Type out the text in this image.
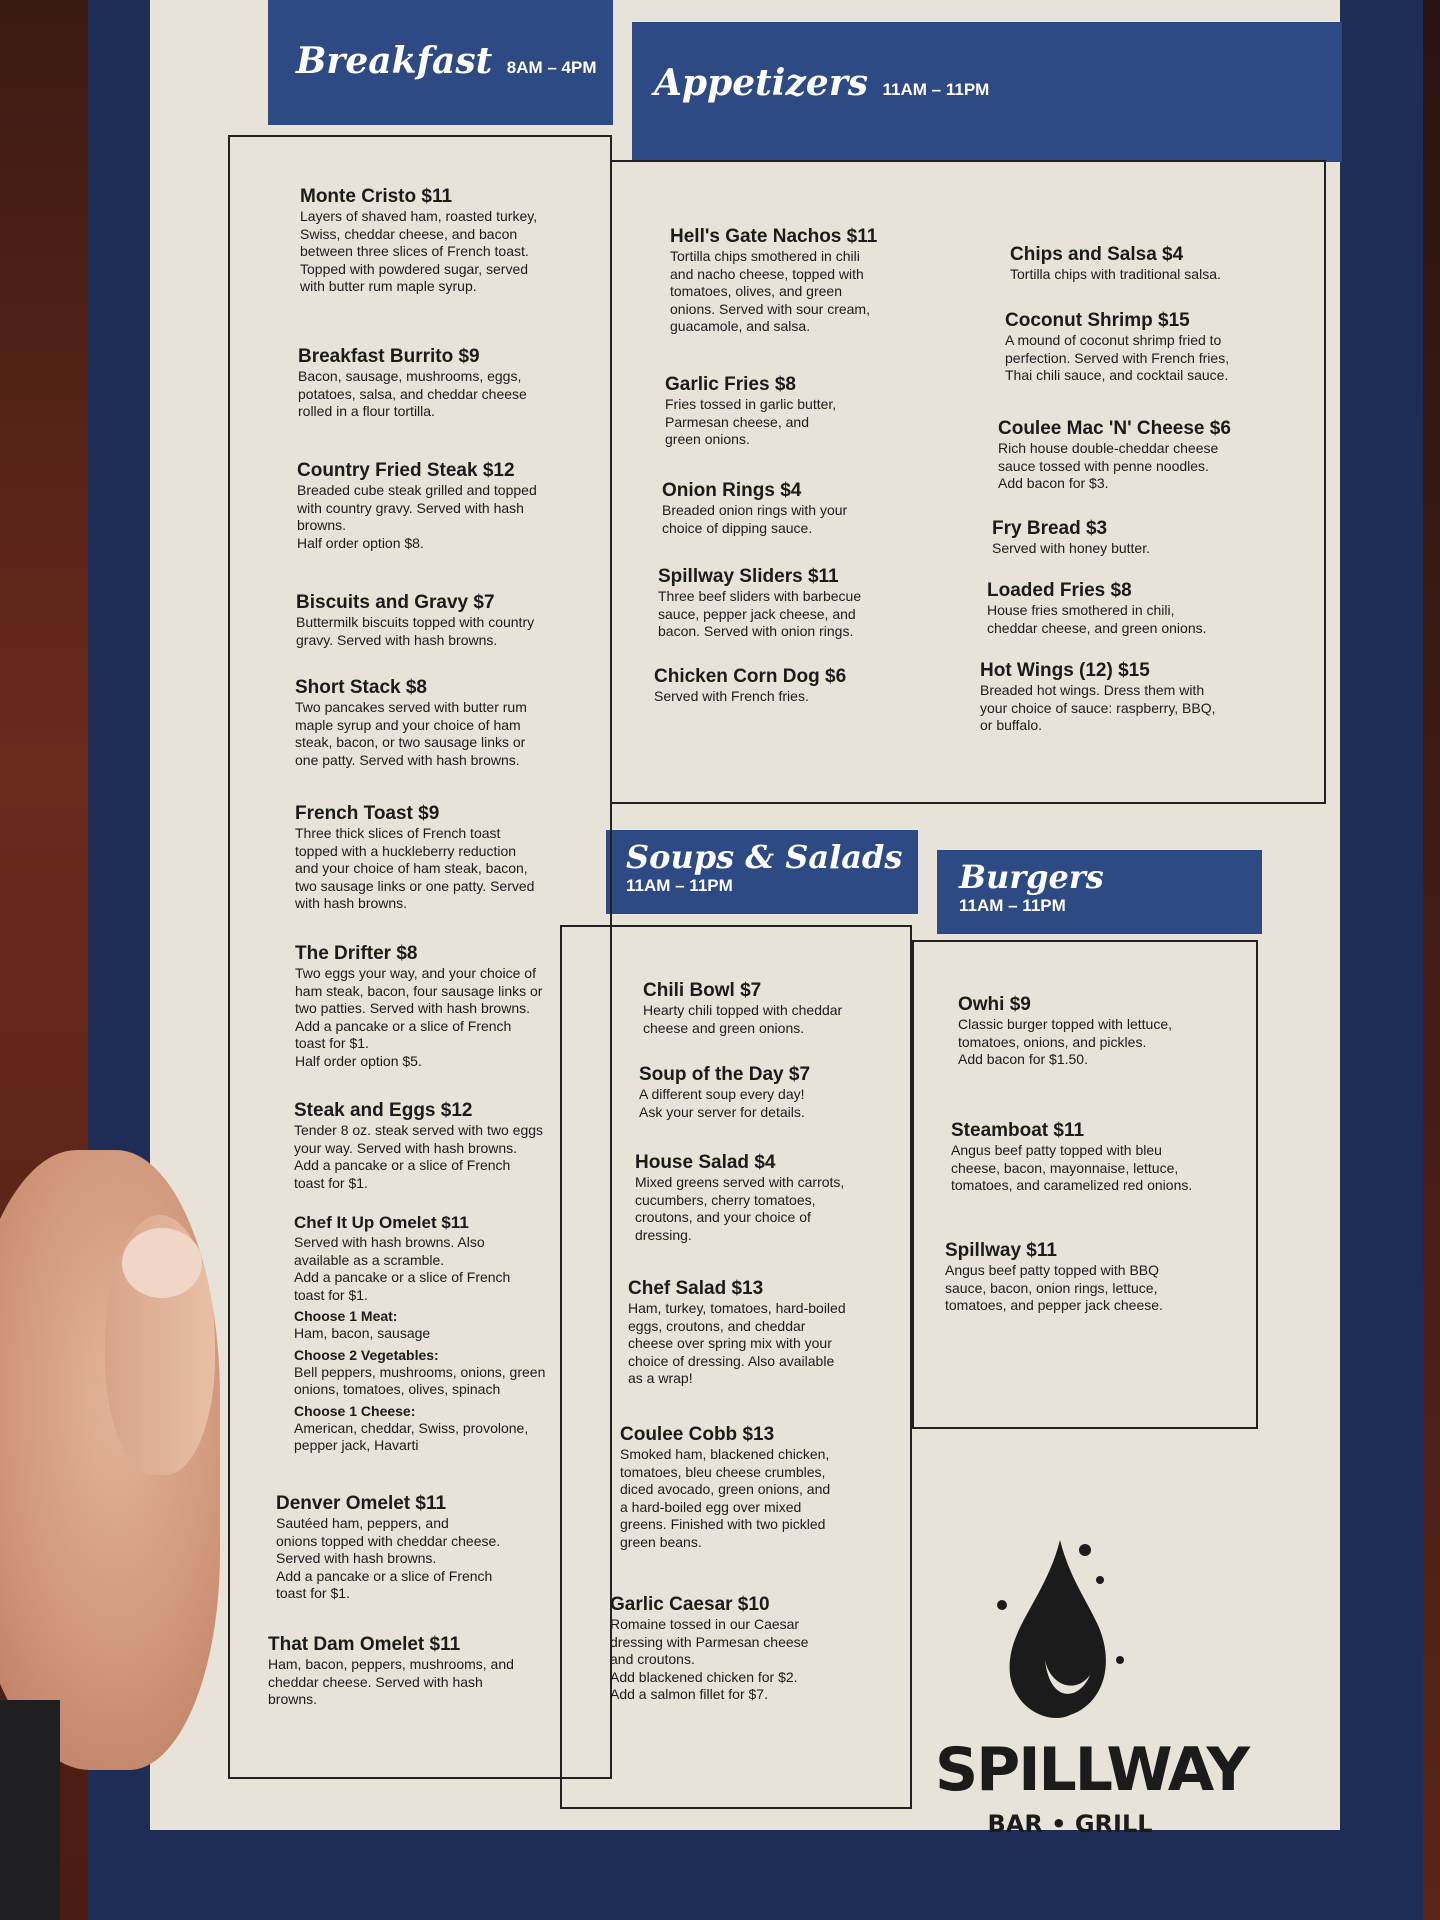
Breakfast 8AM – 4PM	Appetizers 11AM – 11PM
Soups & Salads
11AM – 11PM	Burgers
11AM – 11PM
Monte Cristo $11
Layers of shaved ham, roasted turkey,
Swiss, cheddar cheese, and bacon
between three slices of French toast.
Topped with powdered sugar, served
with butter rum maple syrup.
Breakfast Burrito $9
Bacon, sausage, mushrooms, eggs,
potatoes, salsa, and cheddar cheese
rolled in a flour tortilla.
Country Fried Steak $12
Breaded cube steak grilled and topped
with country gravy. Served with hash
browns.
Half order option $8.
Biscuits and Gravy $7
Buttermilk biscuits topped with country
gravy. Served with hash browns.
Short Stack $8
Two pancakes served with butter rum
maple syrup and your choice of ham
steak, bacon, or two sausage links or
one patty. Served with hash browns.
French Toast $9
Three thick slices of French toast
topped with a huckleberry reduction
and your choice of ham steak, bacon,
two sausage links or one patty. Served
with hash browns.
The Drifter $8
Two eggs your way, and your choice of
ham steak, bacon, four sausage links or
two patties. Served with hash browns.
Add a pancake or a slice of French
toast for $1.
Half order option $5.
Steak and Eggs $12
Tender 8 oz. steak served with two eggs
your way. Served with hash browns.
Add a pancake or a slice of French
toast for $1.
Chef It Up Omelet $11
Served with hash browns. Also
available as a scramble.
Add a pancake or a slice of French
toast for $1.
Choose 1 Meat:
Ham, bacon, sausage
Choose 2 Vegetables:
Bell peppers, mushrooms, onions, green
onions, tomatoes, olives, spinach
Choose 1 Cheese:
American, cheddar, Swiss, provolone,
pepper jack, Havarti
Denver Omelet $11
Sautéed ham, peppers, and
onions topped with cheddar cheese.
Served with hash browns.
Add a pancake or a slice of French
toast for $1.
That Dam Omelet $11
Ham, bacon, peppers, mushrooms, and
cheddar cheese. Served with hash
browns.
Hell's Gate Nachos $11
Tortilla chips smothered in chili
and nacho cheese, topped with
tomatoes, olives, and green
onions. Served with sour cream,
guacamole, and salsa.
Garlic Fries $8
Fries tossed in garlic butter,
Parmesan cheese, and
green onions.
Onion Rings $4
Breaded onion rings with your
choice of dipping sauce.
Spillway Sliders $11
Three beef sliders with barbecue
sauce, pepper jack cheese, and
bacon. Served with onion rings.
Chicken Corn Dog $6
Served with French fries.
Chips and Salsa $4
Tortilla chips with traditional salsa.
Coconut Shrimp $15
A mound of coconut shrimp fried to
perfection. Served with French fries,
Thai chili sauce, and cocktail sauce.
Coulee Mac 'N' Cheese $6
Rich house double-cheddar cheese
sauce tossed with penne noodles.
Add bacon for $3.
Fry Bread $3
Served with honey butter.
Loaded Fries $8
House fries smothered in chili,
cheddar cheese, and green onions.
Hot Wings (12) $15
Breaded hot wings. Dress them with
your choice of sauce: raspberry, BBQ,
or buffalo.
Chili Bowl $7
Hearty chili topped with cheddar
cheese and green onions.
Soup of the Day $7
A different soup every day!
Ask your server for details.
House Salad $4
Mixed greens served with carrots,
cucumbers, cherry tomatoes,
croutons, and your choice of
dressing.
Chef Salad $13
Ham, turkey, tomatoes, hard-boiled
eggs, croutons, and cheddar
cheese over spring mix with your
choice of dressing. Also available
as a wrap!
Coulee Cobb $13
Smoked ham, blackened chicken,
tomatoes, bleu cheese crumbles,
diced avocado, green onions, and
a hard-boiled egg over mixed
greens. Finished with two pickled
green beans.
Garlic Caesar $10
Romaine tossed in our Caesar
dressing with Parmesan cheese
and croutons.
Add blackened chicken for $2.
Add a salmon fillet for $7.
Owhi $9
Classic burger topped with lettuce,
tomatoes, onions, and pickles.
Add bacon for $1.50.
Steamboat $11
Angus beef patty topped with bleu
cheese, bacon, mayonnaise, lettuce,
tomatoes, and caramelized red onions.
Spillway $11
Angus beef patty topped with BBQ
sauce, bacon, onion rings, lettuce,
tomatoes, and pepper jack cheese.
SPILLWAY
BAR • GRILL
